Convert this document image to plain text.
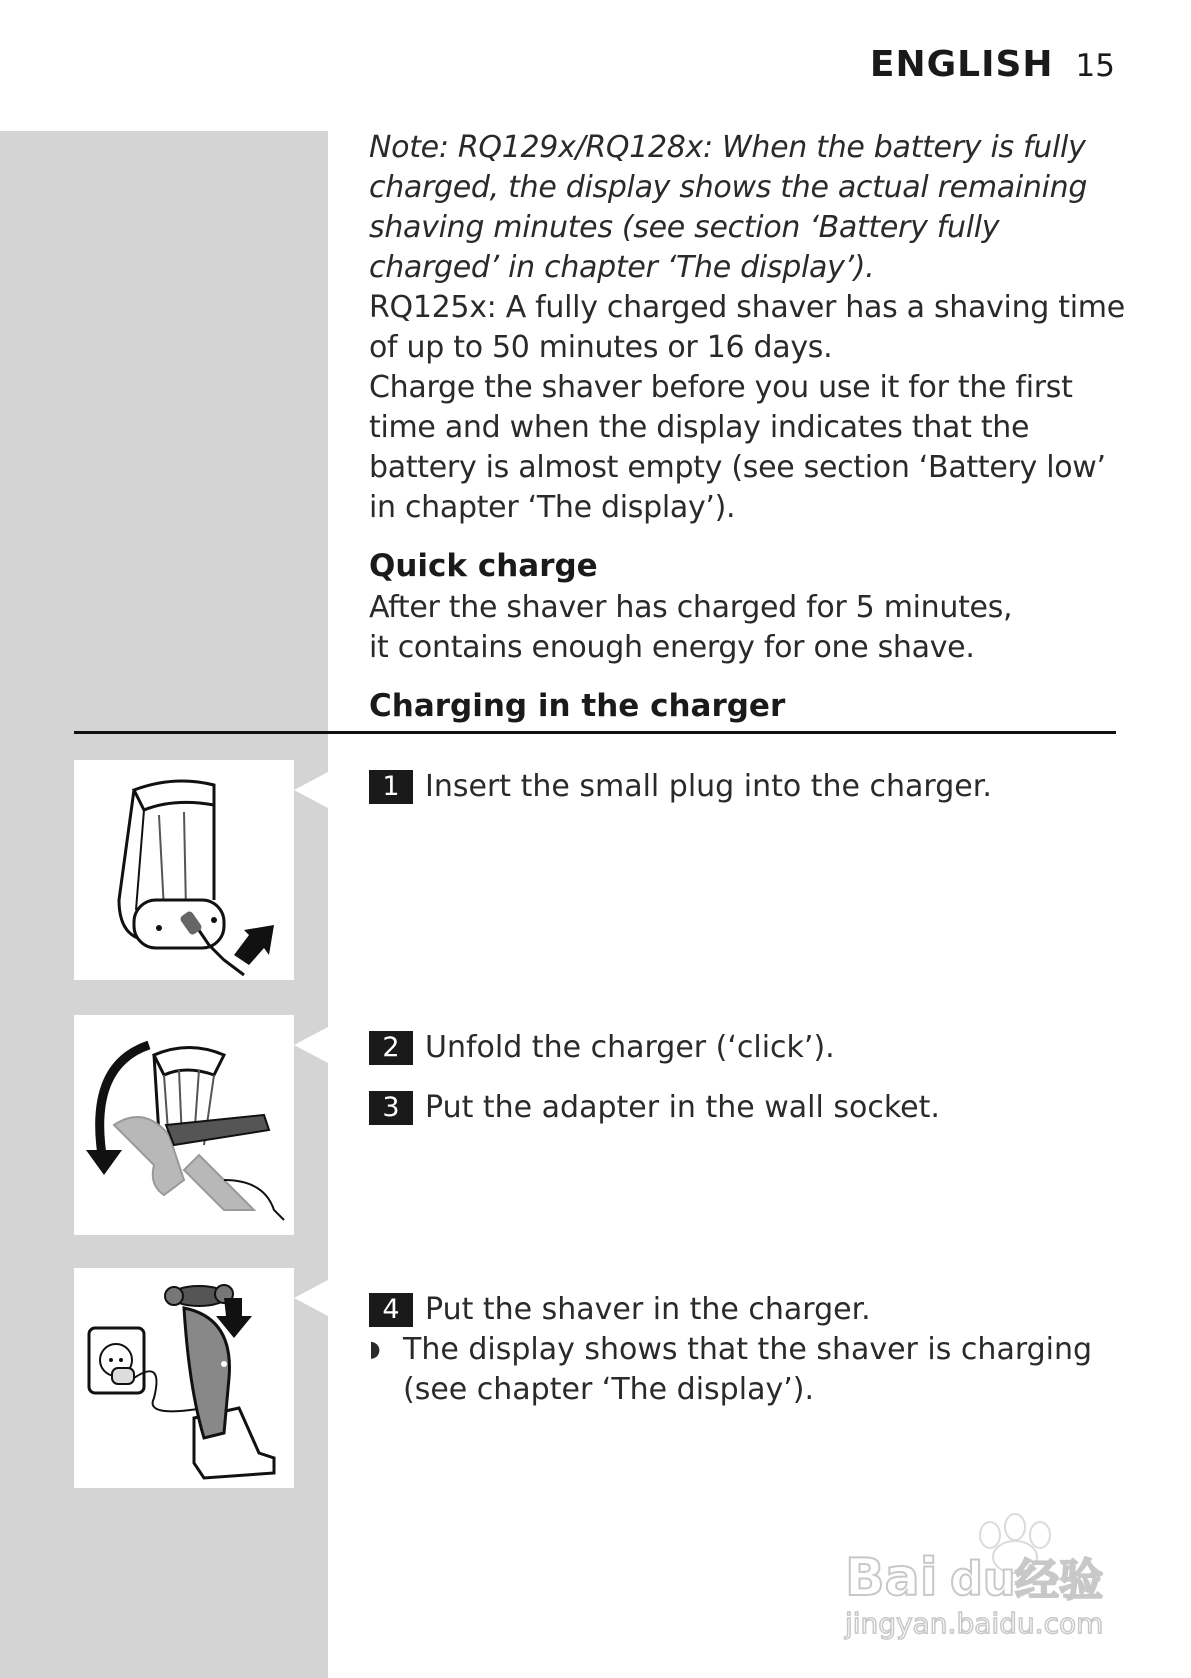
ENGLISH 15
Note: RQ129x/RQ128x: When the battery is fully charged, the display shows the actual remaining shaving minutes (see section ‘Battery fully charged’ in chapter ‘The display’).
RQ125x: A fully charged shaver has a shaving time of up to 50 minutes or 16 days.
Charge the shaver before you use it for the first time and when the display indicates that the battery is almost empty (see section ‘Battery low’ in chapter ‘The display’).
Quick charge
After the shaver has charged for 5 minutes,
it contains enough energy for one shave.
Charging in the charger
1 Insert the small plug into the charger.
2 Unfold the charger (‘click’).
3 Put the adapter in the wall socket.
4 Put the shaver in the charger.
◗ The display shows that the shaver is charging (see chapter ‘The display’).
Bai du 经验
jingyan.baidu.com
